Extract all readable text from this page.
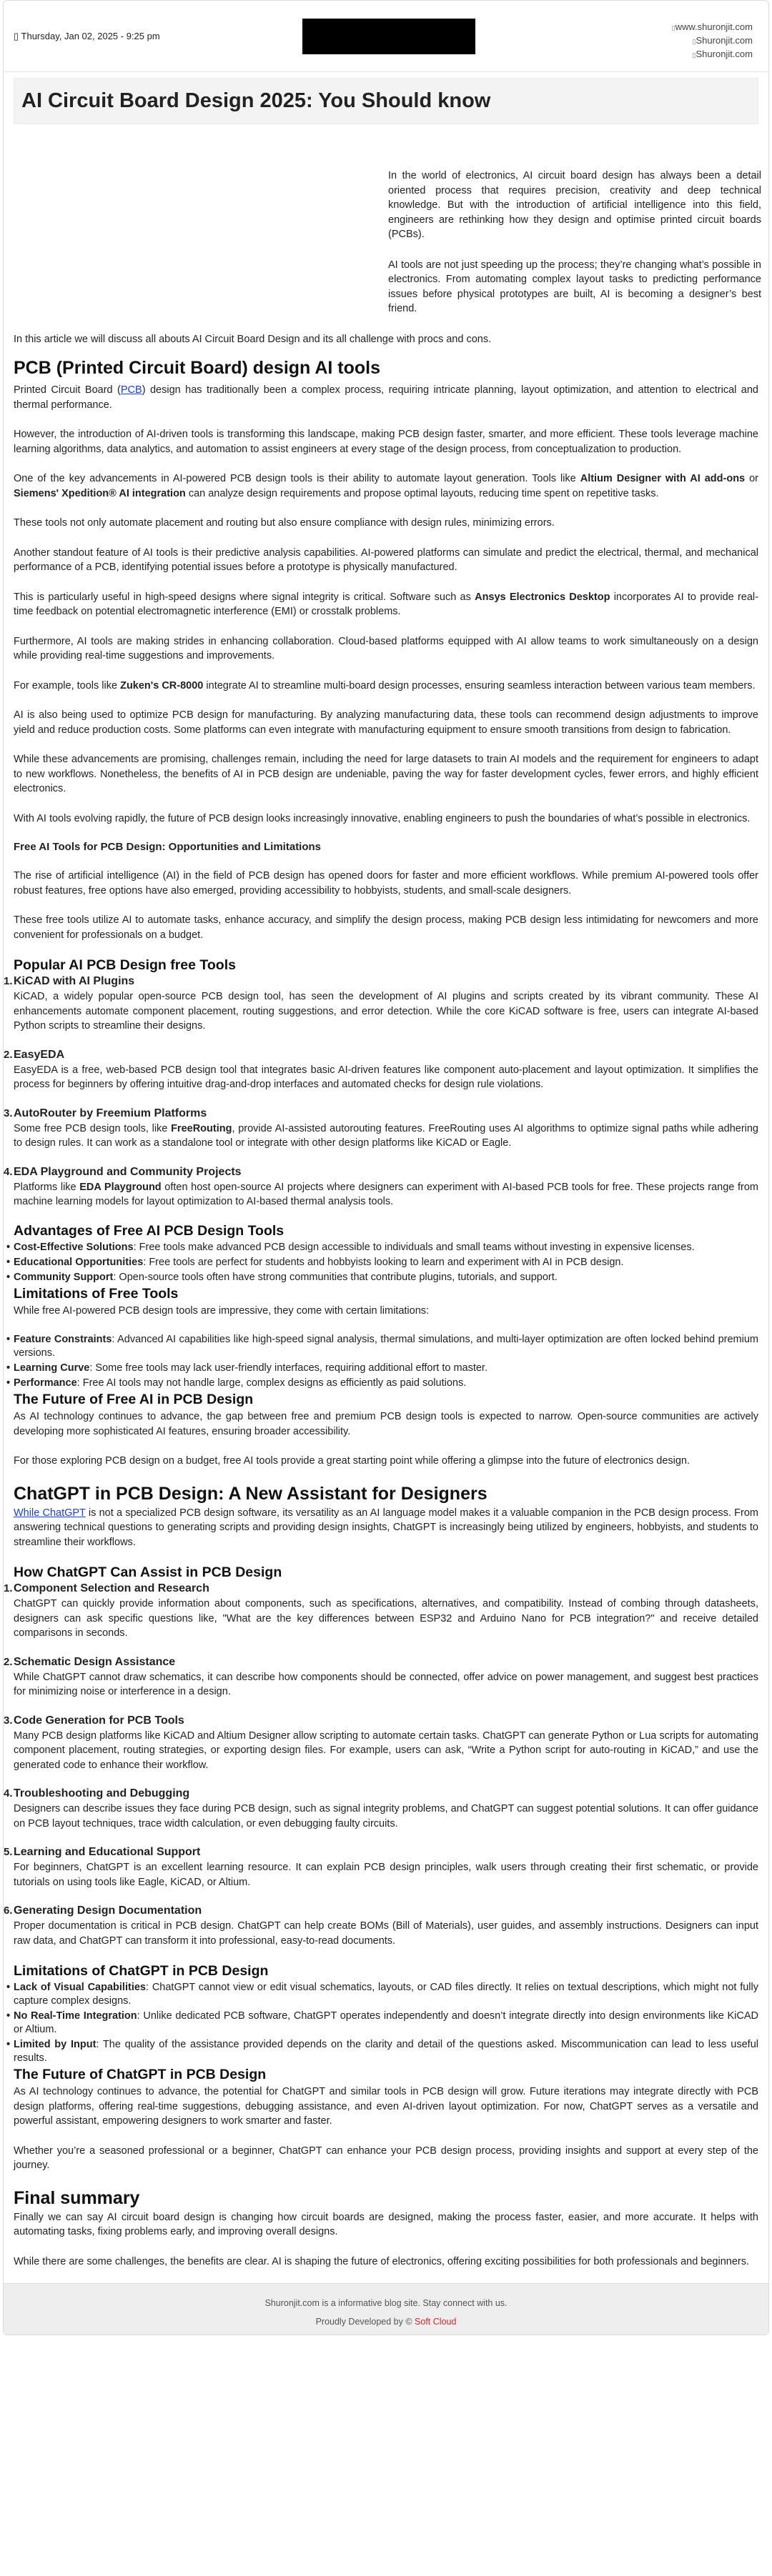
▯ Thursday, Jan 02, 2025 - 9:25 pm
▯ www.shuronjit.com
▯ Shuronjit.com
▯ Shuronjit.com
AI Circuit Board Design 2025: You Should know

In the world of electronics, AI circuit board design has always been a detail oriented process that requires precision, creativity and deep technical knowledge. But with the introduction of artificial intelligence into this field, engineers are rethinking how they design and optimise printed circuit boards (PCBs).

AI tools are not just speeding up the process; they’re changing what’s possible in electronics. From automating complex layout tasks to predicting performance issues before physical prototypes are built, AI is becoming a designer’s best friend.

In this article we will discuss all abouts AI Circuit Board Design and its all challenge with procs and cons.

PCB (Printed Circuit Board) design AI tools

Printed Circuit Board (PCB) design has traditionally been a complex process, requiring intricate planning, layout optimization, and attention to electrical and thermal performance.

However, the introduction of AI-driven tools is transforming this landscape, making PCB design faster, smarter, and more efficient. These tools leverage machine learning algorithms, data analytics, and automation to assist engineers at every stage of the design process, from conceptualization to production.

One of the key advancements in AI-powered PCB design tools is their ability to automate layout generation. Tools like Altium Designer with AI add-ons or Siemens' Xpedition® AI integration can analyze design requirements and propose optimal layouts, reducing time spent on repetitive tasks.

These tools not only automate placement and routing but also ensure compliance with design rules, minimizing errors.

Another standout feature of AI tools is their predictive analysis capabilities. AI-powered platforms can simulate and predict the electrical, thermal, and mechanical performance of a PCB, identifying potential issues before a prototype is physically manufactured.

This is particularly useful in high-speed designs where signal integrity is critical. Software such as Ansys Electronics Desktop incorporates AI to provide real-time feedback on potential electromagnetic interference (EMI) or crosstalk problems.

Furthermore, AI tools are making strides in enhancing collaboration. Cloud-based platforms equipped with AI allow teams to work simultaneously on a design while providing real-time suggestions and improvements.

For example, tools like Zuken's CR-8000 integrate AI to streamline multi-board design processes, ensuring seamless interaction between various team members.

AI is also being used to optimize PCB design for manufacturing. By analyzing manufacturing data, these tools can recommend design adjustments to improve yield and reduce production costs. Some platforms can even integrate with manufacturing equipment to ensure smooth transitions from design to fabrication.

While these advancements are promising, challenges remain, including the need for large datasets to train AI models and the requirement for engineers to adapt to new workflows. Nonetheless, the benefits of AI in PCB design are undeniable, paving the way for faster development cycles, fewer errors, and highly efficient electronics.

With AI tools evolving rapidly, the future of PCB design looks increasingly innovative, enabling engineers to push the boundaries of what’s possible in electronics.

Free AI Tools for PCB Design: Opportunities and Limitations

The rise of artificial intelligence (AI) in the field of PCB design has opened doors for faster and more efficient workflows. While premium AI-powered tools offer robust features, free options have also emerged, providing accessibility to hobbyists, students, and small-scale designers.

These free tools utilize AI to automate tasks, enhance accuracy, and simplify the design process, making PCB design less intimidating for newcomers and more convenient for professionals on a budget.

Popular AI PCB Design free Tools
1. KiCAD with AI Plugins

KiCAD, a widely popular open-source PCB design tool, has seen the development of AI plugins and scripts created by its vibrant community. These AI enhancements automate component placement, routing suggestions, and error detection. While the core KiCAD software is free, users can integrate AI-based Python scripts to streamline their designs.

2. EasyEDA

EasyEDA is a free, web-based PCB design tool that integrates basic AI-driven features like component auto-placement and layout optimization. It simplifies the process for beginners by offering intuitive drag-and-drop interfaces and automated checks for design rule violations.

3. AutoRouter by Freemium Platforms

Some free PCB design tools, like FreeRouting, provide AI-assisted autorouting features. FreeRouting uses AI algorithms to optimize signal paths while adhering to design rules. It can work as a standalone tool or integrate with other design platforms like KiCAD or Eagle.

4. EDA Playground and Community Projects

Platforms like EDA Playground often host open-source AI projects where designers can experiment with AI-based PCB tools for free. These projects range from machine learning models for layout optimization to AI-based thermal analysis tools.

Advantages of Free AI PCB Design Tools
• Cost-Effective Solutions: Free tools make advanced PCB design accessible to individuals and small teams without investing in expensive licenses.
• Educational Opportunities: Free tools are perfect for students and hobbyists looking to learn and experiment with AI in PCB design.
• Community Support: Open-source tools often have strong communities that contribute plugins, tutorials, and support.
Limitations of Free Tools

While free AI-powered PCB design tools are impressive, they come with certain limitations:

• Feature Constraints: Advanced AI capabilities like high-speed signal analysis, thermal simulations, and multi-layer optimization are often locked behind premium versions.
• Learning Curve: Some free tools may lack user-friendly interfaces, requiring additional effort to master.
• Performance: Free AI tools may not handle large, complex designs as efficiently as paid solutions.
The Future of Free AI in PCB Design

As AI technology continues to advance, the gap between free and premium PCB design tools is expected to narrow. Open-source communities are actively developing more sophisticated AI features, ensuring broader accessibility.

For those exploring PCB design on a budget, free AI tools provide a great starting point while offering a glimpse into the future of electronics design.

ChatGPT in PCB Design: A New Assistant for Designers

While ChatGPT is not a specialized PCB design software, its versatility as an AI language model makes it a valuable companion in the PCB design process. From answering technical questions to generating scripts and providing design insights, ChatGPT is increasingly being utilized by engineers, hobbyists, and students to streamline their workflows.

How ChatGPT Can Assist in PCB Design
1. Component Selection and Research

ChatGPT can quickly provide information about components, such as specifications, alternatives, and compatibility. Instead of combing through datasheets, designers can ask specific questions like, "What are the key differences between ESP32 and Arduino Nano for PCB integration?" and receive detailed comparisons in seconds.

2. Schematic Design Assistance

While ChatGPT cannot draw schematics, it can describe how components should be connected, offer advice on power management, and suggest best practices for minimizing noise or interference in a design.

3. Code Generation for PCB Tools

Many PCB design platforms like KiCAD and Altium Designer allow scripting to automate certain tasks. ChatGPT can generate Python or Lua scripts for automating component placement, routing strategies, or exporting design files. For example, users can ask, “Write a Python script for auto-routing in KiCAD,” and use the generated code to enhance their workflow.

4. Troubleshooting and Debugging

Designers can describe issues they face during PCB design, such as signal integrity problems, and ChatGPT can suggest potential solutions. It can offer guidance on PCB layout techniques, trace width calculation, or even debugging faulty circuits.

5. Learning and Educational Support

For beginners, ChatGPT is an excellent learning resource. It can explain PCB design principles, walk users through creating their first schematic, or provide tutorials on using tools like Eagle, KiCAD, or Altium.

6. Generating Design Documentation

Proper documentation is critical in PCB design. ChatGPT can help create BOMs (Bill of Materials), user guides, and assembly instructions. Designers can input raw data, and ChatGPT can transform it into professional, easy-to-read documents.

Limitations of ChatGPT in PCB Design
• Lack of Visual Capabilities: ChatGPT cannot view or edit visual schematics, layouts, or CAD files directly. It relies on textual descriptions, which might not fully capture complex designs.
• No Real-Time Integration: Unlike dedicated PCB software, ChatGPT operates independently and doesn’t integrate directly into design environments like KiCAD or Altium.
• Limited by Input: The quality of the assistance provided depends on the clarity and detail of the questions asked. Miscommunication can lead to less useful results.
The Future of ChatGPT in PCB Design

As AI technology continues to advance, the potential for ChatGPT and similar tools in PCB design will grow. Future iterations may integrate directly with PCB design platforms, offering real-time suggestions, debugging assistance, and even AI-driven layout optimization. For now, ChatGPT serves as a versatile and powerful assistant, empowering designers to work smarter and faster.

Whether you’re a seasoned professional or a beginner, ChatGPT can enhance your PCB design process, providing insights and support at every step of the journey.

Final summary

Finally we can say AI circuit board design is changing how circuit boards are designed, making the process faster, easier, and more accurate. It helps with automating tasks, fixing problems early, and improving overall designs.

While there are some challenges, the benefits are clear. AI is shaping the future of electronics, offering exciting possibilities for both professionals and beginners.

Shuronjit.com is a informative blog site. Stay connect with us.
Proudly Developed by © Soft Cloud
